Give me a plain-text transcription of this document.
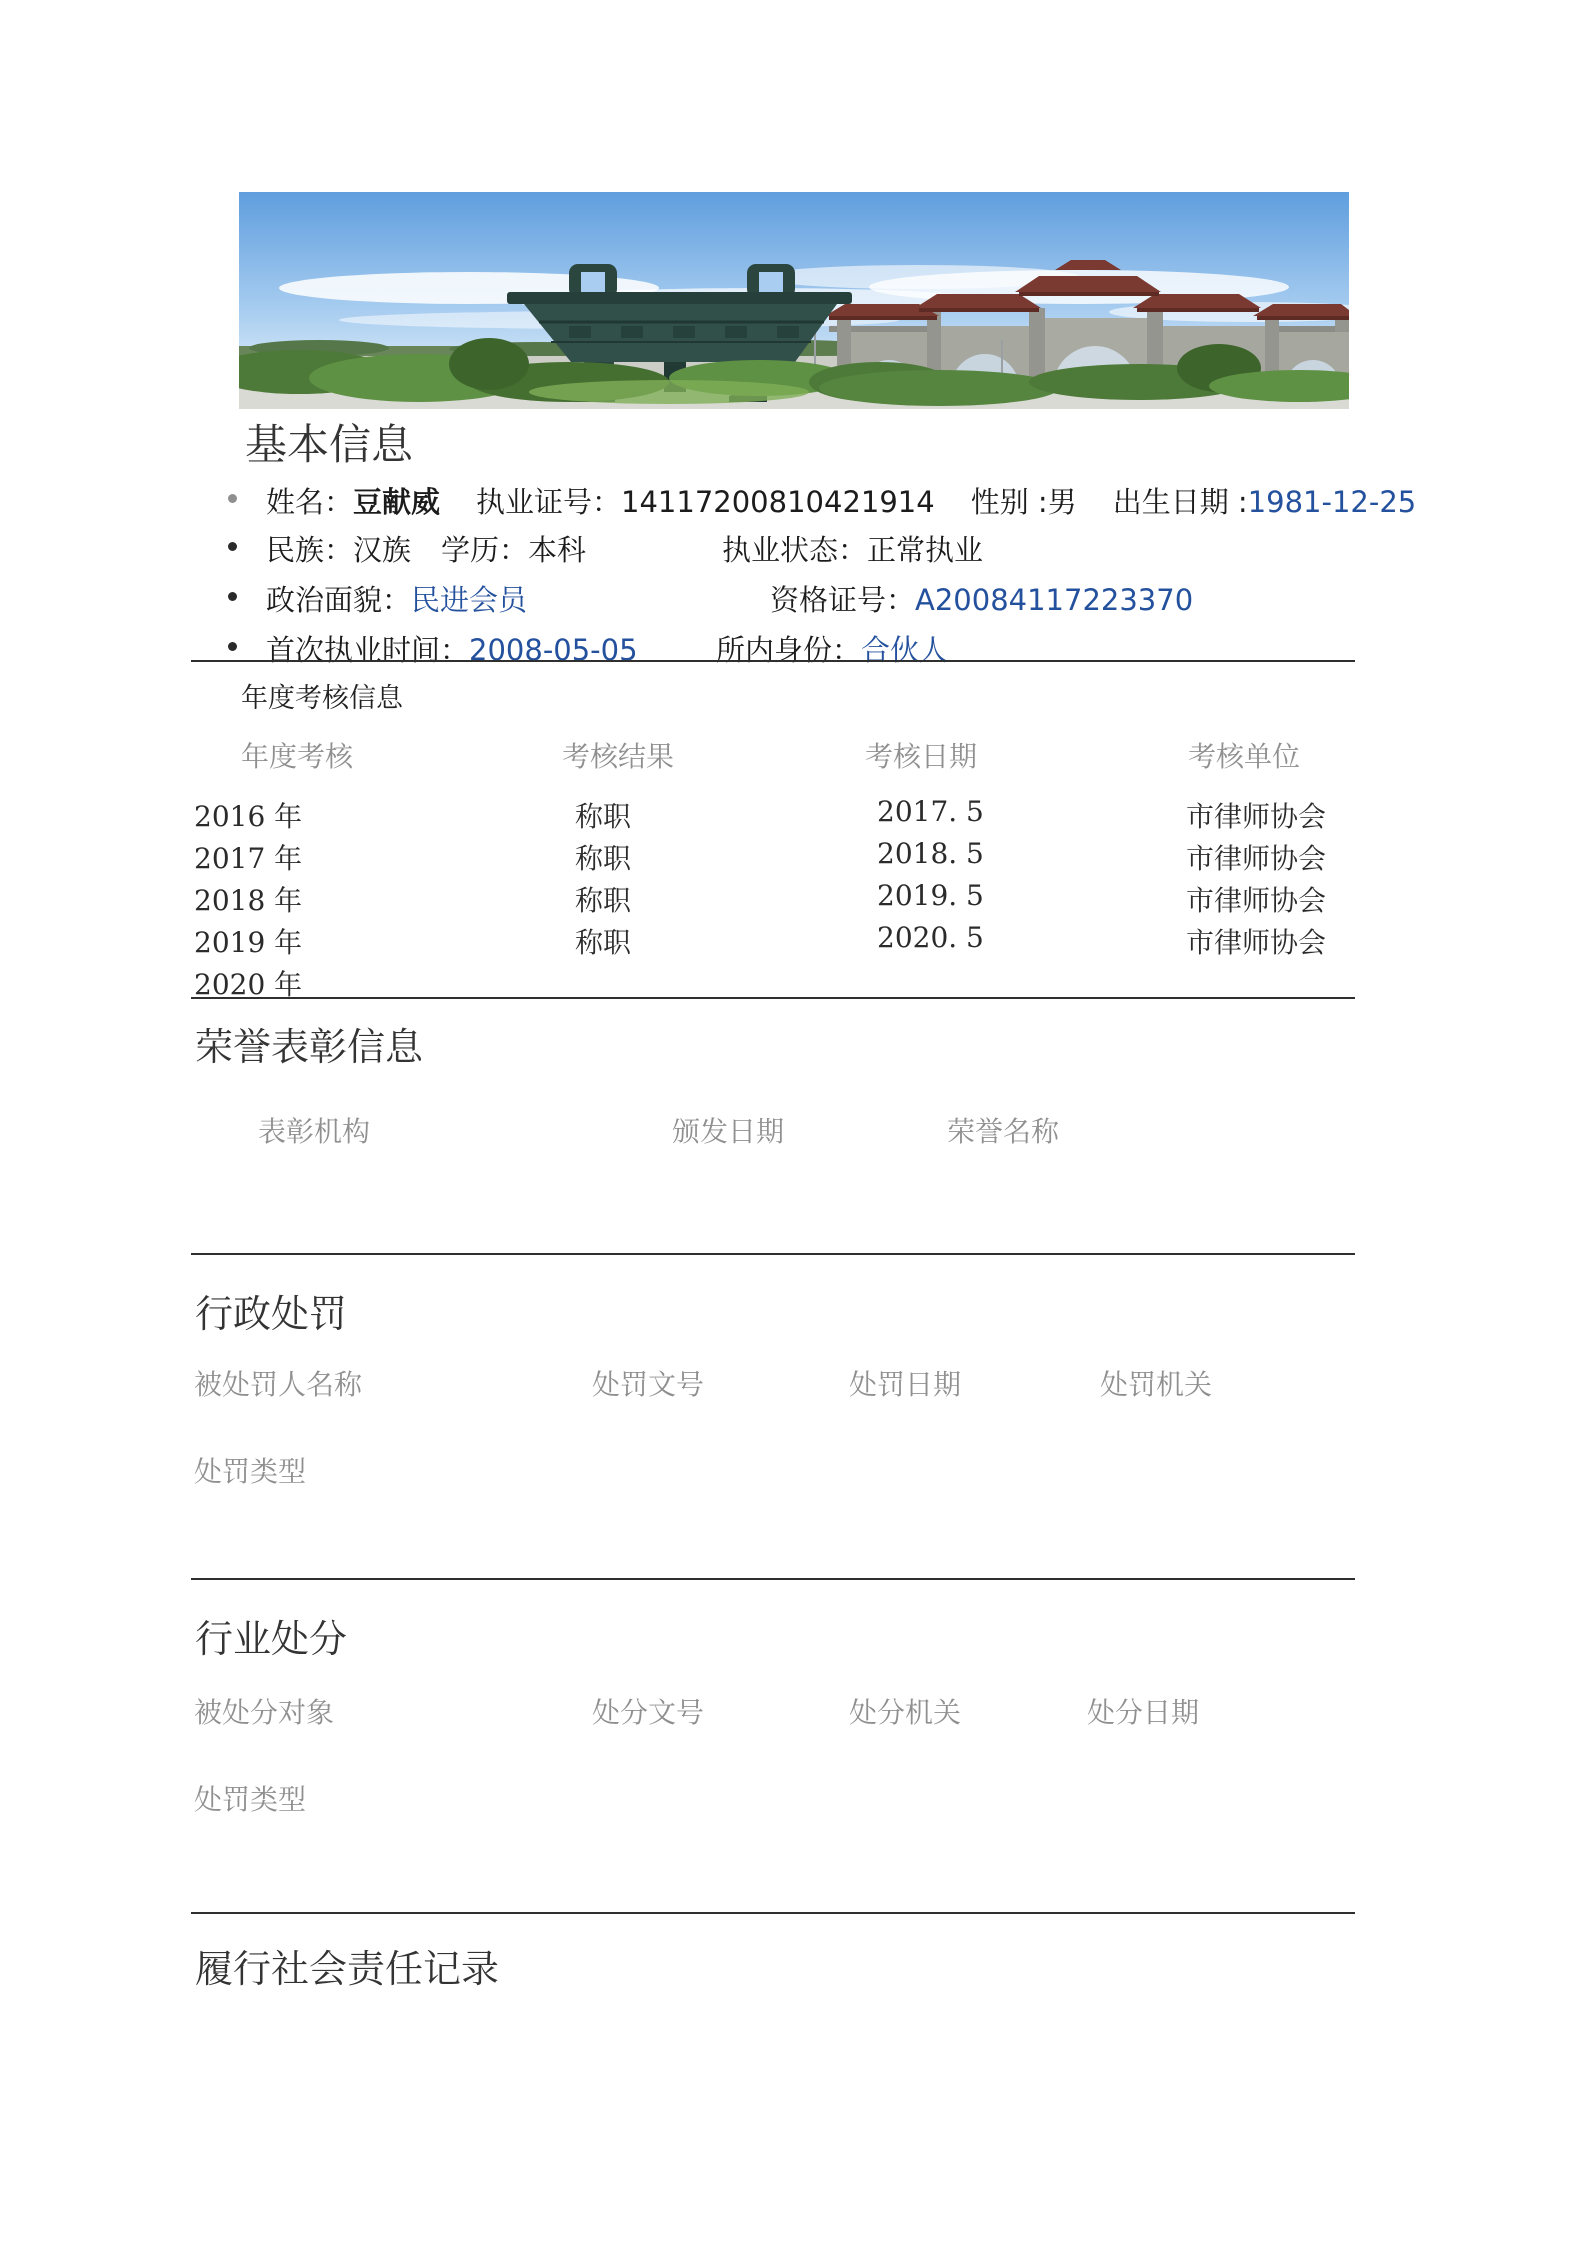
基本信息
姓名：豆献威 执业证号：14117200810421914 性别 :男 出生日期 :1981-12-25
民族：汉族 学历：本科	执业状态：正常执业
政治面貌：民进会员	资格证号：A20084117223370
首次执业时间：2008-05-05	所内身份：合伙人
年度考核信息
年度考核	考核结果	考核日期	考核单位
2016 年	称职	2017. 5	市律师协会
2017 年	称职	2018. 5	市律师协会
2018 年	称职	2019. 5	市律师协会
2019 年	称职	2020. 5	市律师协会
2020 年
荣誉表彰信息
表彰机构	颁发日期	荣誉名称
行政处罚
被处罚人名称	处罚文号	处罚日期	处罚机关
处罚类型
行业处分
被处分对象	处分文号	处分机关	处分日期
处罚类型
履行社会责任记录
